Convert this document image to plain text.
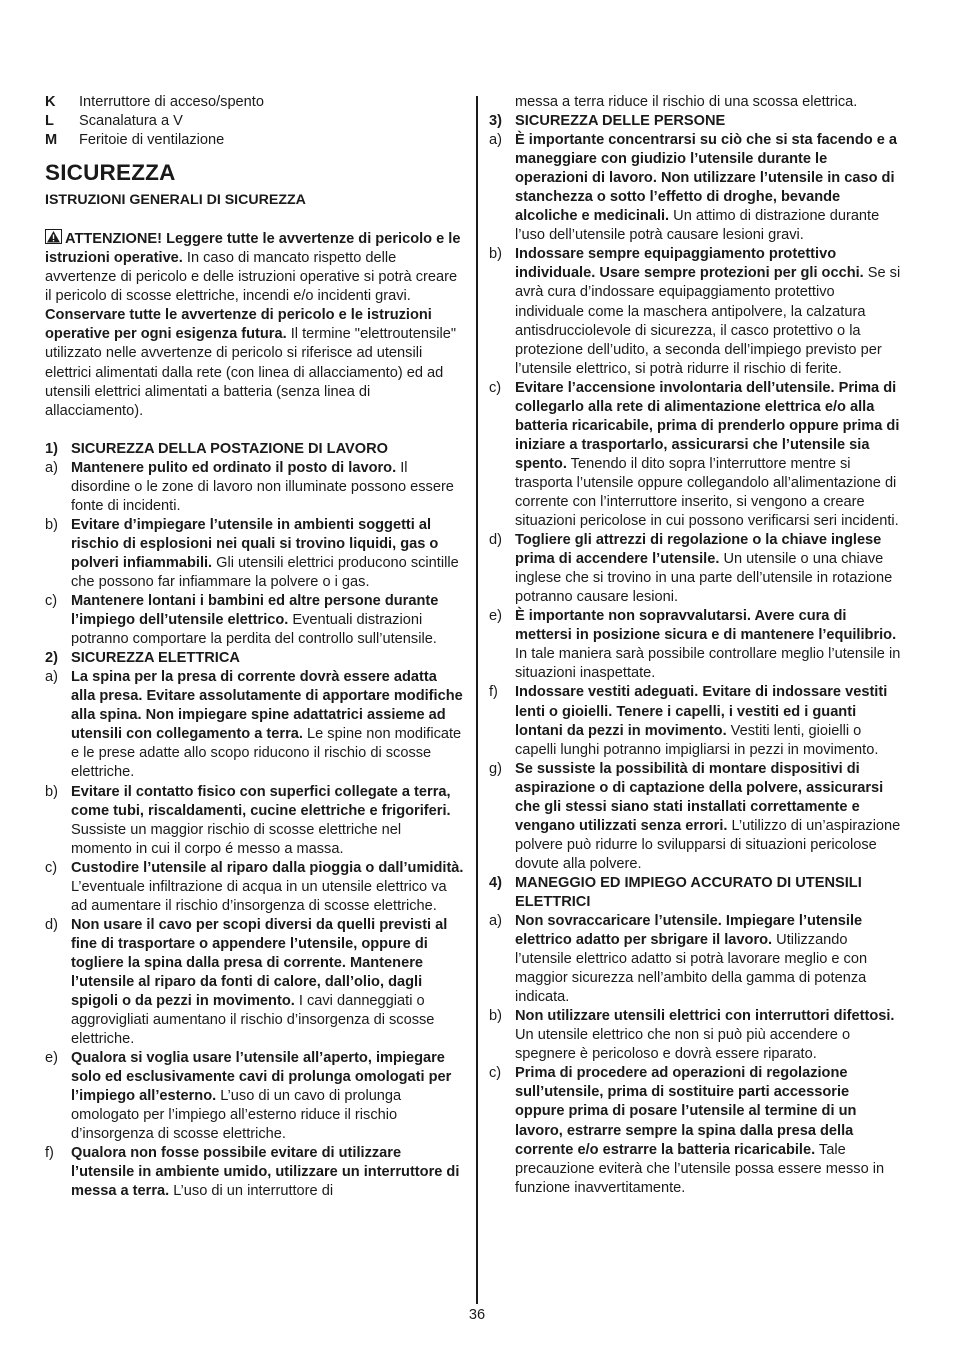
K	Interruttore di acceso/spento
L	Scanalatura a V
M	Feritoie di ventilazione
SICUREZZA
ISTRUZIONI GENERALI DI SICUREZZA
ATTENZIONE! Leggere tutte le avvertenze di pericolo e le istruzioni operative. In caso di mancato rispetto delle avvertenze di pericolo e delle istruzioni operative si potrà creare il pericolo di scosse elettriche, incendi e/o incidenti gravi. Conservare tutte le avvertenze di pericolo e le istruzioni operative per ogni esigenza futura. Il termine "elettroutensile" utilizzato nelle avvertenze di pericolo si riferisce ad utensili elettrici alimentati dalla rete (con linea di allacciamento) ed ad utensili elettrici alimentati a batteria (senza linea di allacciamento).
1) SICUREZZA DELLA POSTAZIONE DI LAVORO
a) Mantenere pulito ed ordinato il posto di lavoro. Il disordine o le zone di lavoro non illuminate possono essere fonte di incidenti.
b) Evitare d’impiegare l’utensile in ambienti soggetti al rischio di esplosioni nei quali si trovino liquidi, gas o polveri infiammabili. Gli utensili elettrici producono scintille che possono far infiammare la polvere o i gas.
c) Mantenere lontani i bambini ed altre persone durante l’impiego dell’utensile elettrico. Eventuali distrazioni potranno comportare la perdita del controllo sull’utensile.
2) SICUREZZA ELETTRICA
a) La spina per la presa di corrente dovrà essere adatta alla presa. Evitare assolutamente di apportare modifiche alla spina. Non impiegare spine adattatrici assieme ad utensili con collegamento a terra. Le spine non modificate e le prese adatte allo scopo riducono il rischio di scosse elettriche.
b) Evitare il contatto fisico con superfici collegate a terra, come tubi, riscaldamenti, cucine elettriche e frigoriferi. Sussiste un maggior rischio di scosse elettriche nel momento in cui il corpo é messo a massa.
c) Custodire l’utensile al riparo dalla pioggia o dall’umidità. L’eventuale infiltrazione di acqua in un utensile elettrico va ad aumentare il rischio d’insorgenza di scosse elettriche.
d) Non usare il cavo per scopi diversi da quelli previsti al fine di trasportare o appendere l’utensile, oppure di togliere la spina dalla presa di corrente. Mantenere l’utensile al riparo da fonti di calore, dall’olio, dagli spigoli o da pezzi in movimento. I cavi danneggiati o aggrovigliati aumentano il rischio d’insorgenza di scosse elettriche.
e) Qualora si voglia usare l’utensile all’aperto, impiegare solo ed esclusivamente cavi di prolunga omologati per l’impiego all’esterno. L’uso di un cavo di prolunga omologato per l’impiego all’esterno riduce il rischio d’insorgenza di scosse elettriche.
f)	Qualora non fosse possibile evitare di utilizzare l’utensile in ambiente umido, utilizzare un interruttore di messa a terra. L’uso di un interruttore di
messa a terra riduce il rischio di una scossa elettrica.
3) SICUREZZA DELLE PERSONE
a) È importante concentrarsi su ciò che si sta facendo e a maneggiare con giudizio l’utensile durante le operazioni di lavoro. Non utilizzare l’utensile in caso di stanchezza o sotto l’effetto di droghe, bevande alcoliche e medicinali. Un attimo di distrazione durante l’uso dell’utensile potrà causare lesioni gravi.
b) Indossare sempre equipaggiamento protettivo individuale. Usare sempre protezioni per gli occhi. Se si avrà cura d’indossare equipaggiamento protettivo individuale come la maschera antipolvere, la calzatura antisdrucciolevole di sicurezza, il casco protettivo o la protezione dell’udito, a seconda dell’impiego previsto per l’utensile elettrico, si potrà ridurre il rischio di ferite.
c) Evitare l’accensione involontaria dell’utensile. Prima di collegarlo alla rete di alimentazione elettrica e/o alla batteria ricaricabile, prima di prenderlo oppure prima di iniziare a trasportarlo, assicurarsi che l’utensile sia spento. Tenendo il dito sopra l’interruttore mentre si trasporta l’utensile oppure collegandolo all’alimentazione di corrente con l’interruttore inserito, si vengono a creare situazioni pericolose in cui possono verificarsi seri incidenti.
d) Togliere gli attrezzi di regolazione o la chiave inglese prima di accendere l’utensile. Un utensile o una chiave inglese che si trovino in una parte dell’utensile in rotazione potranno causare lesioni.
e) È importante non sopravvalutarsi. Avere cura di mettersi in posizione sicura e di mantenere l’equilibrio. In tale maniera sarà possibile controllare meglio l’utensile in situazioni inaspettate.
f)	Indossare vestiti adeguati. Evitare di indossare vestiti lenti o gioielli. Tenere i capelli, i vestiti ed i guanti lontani da pezzi in movimento. Vestiti lenti, gioielli o capelli lunghi potranno impigliarsi in pezzi in movimento.
g) Se sussiste la possibilità di montare dispositivi di aspirazione o di captazione della polvere, assicurarsi che gli stessi siano stati installati correttamente e vengano utilizzati senza errori. L’utilizzo di un’aspirazione polvere può ridurre lo svilupparsi di situazioni pericolose dovute alla polvere.
4) MANEGGIO ED IMPIEGO ACCURATO DI UTENSILI ELETTRICI
a) Non sovraccaricare l’utensile. Impiegare l’utensile elettrico adatto per sbrigare il lavoro. Utilizzando l’utensile elettrico adatto si potrà lavorare meglio e con maggior sicurezza nell’ambito della gamma di potenza indicata.
b) Non utilizzare utensili elettrici con interruttori difettosi. Un utensile elettrico che non si può più accendere o spegnere è pericoloso e dovrà essere riparato.
c) Prima di procedere ad operazioni di regolazione sull’utensile, prima di sostituire parti accessorie oppure prima di posare l’utensile al termine di un lavoro, estrarre sempre la spina dalla presa della corrente e/o estrarre la batteria ricaricabile. Tale precauzione eviterà che l’utensile possa essere messo in funzione inavvertitamente.
36
